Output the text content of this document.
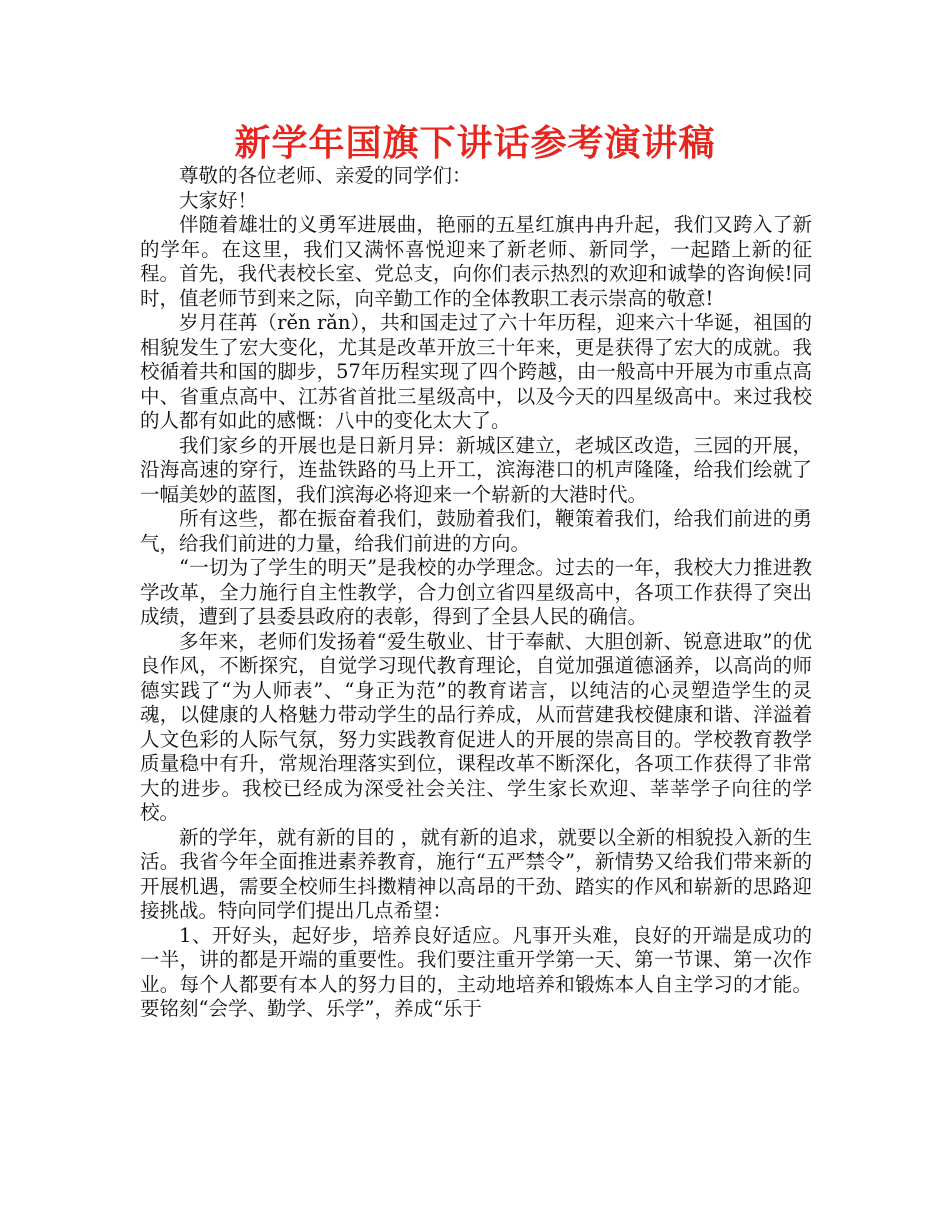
新学年国旗下讲话参考演讲稿

尊敬的各位老师、亲爱的同学们：

大家好！

伴随着雄壮的义勇军进展曲，艳丽的五星红旗冉冉升起，我们又跨入了新的学年。在这里，我们又满怀喜悦迎来了新老师、新同学，一起踏上新的征程。首先，我代表校长室、党总支，向你们表示热烈的欢迎和诚挚的咨询候!同时，值老师节到来之际，向辛勤工作的全体教职工表示崇高的敬意!

岁月荏苒（rěn rǎn），共和国走过了六十年历程，迎来六十华诞，祖国的相貌发生了宏大变化，尤其是改革开放三十年来，更是获得了宏大的成就。我校循着共和国的脚步，57年历程实现了四个跨越，由一般高中开展为市重点高中、省重点高中、江苏省首批三星级高中，以及今天的四星级高中。来过我校的人都有如此的感慨：八中的变化太大了。

我们家乡的开展也是日新月异：新城区建立，老城区改造，三园的开展，沿海高速的穿行，连盐铁路的马上开工，滨海港口的机声隆隆，给我们绘就了一幅美妙的蓝图，我们滨海必将迎来一个崭新的大港时代。

所有这些，都在振奋着我们，鼓励着我们，鞭策着我们，给我们前进的勇气，给我们前进的力量，给我们前进的方向。

“一切为了学生的明天”是我校的办学理念。过去的一年，我校大力推进教学改革，全力施行自主性教学，合力创立省四星级高中，各项工作获得了突出成绩，遭到了县委县政府的表彰，得到了全县人民的确信。

多年来，老师们发扬着“爱生敬业、甘于奉献、大胆创新、锐意进取”的优良作风，不断探究，自觉学习现代教育理论，自觉加强道德涵养，以高尚的师德实践了“为人师表”、“身正为范”的教育诺言，以纯洁的心灵塑造学生的灵魂，以健康的人格魅力带动学生的品行养成，从而营建我校健康和谐、洋溢着人文色彩的人际气氛，努力实践教育促进人的开展的崇高目的。学校教育教学质量稳中有升，常规治理落实到位，课程改革不断深化，各项工作获得了非常大的进步。我校已经成为深受社会关注、学生家长欢迎、莘莘学子向往的学校。

新的学年，就有新的目的 ，就有新的追求，就要以全新的相貌投入新的生活。我省今年全面推进素养教育，施行“五严禁令”，新情势又给我们带来新的开展机遇，需要全校师生抖擞精神以高昂的干劲、踏实的作风和崭新的思路迎接挑战。特向同学们提出几点希望：

1、开好头，起好步，培养良好适应。凡事开头难，良好的开端是成功的一半，讲的都是开端的重要性。我们要注重开学第一天、第一节课、第一次作业。每个人都要有本人的努力目的，主动地培养和锻炼本人自主学习的才能。要铭刻“会学、勤学、乐学”，养成“乐于
